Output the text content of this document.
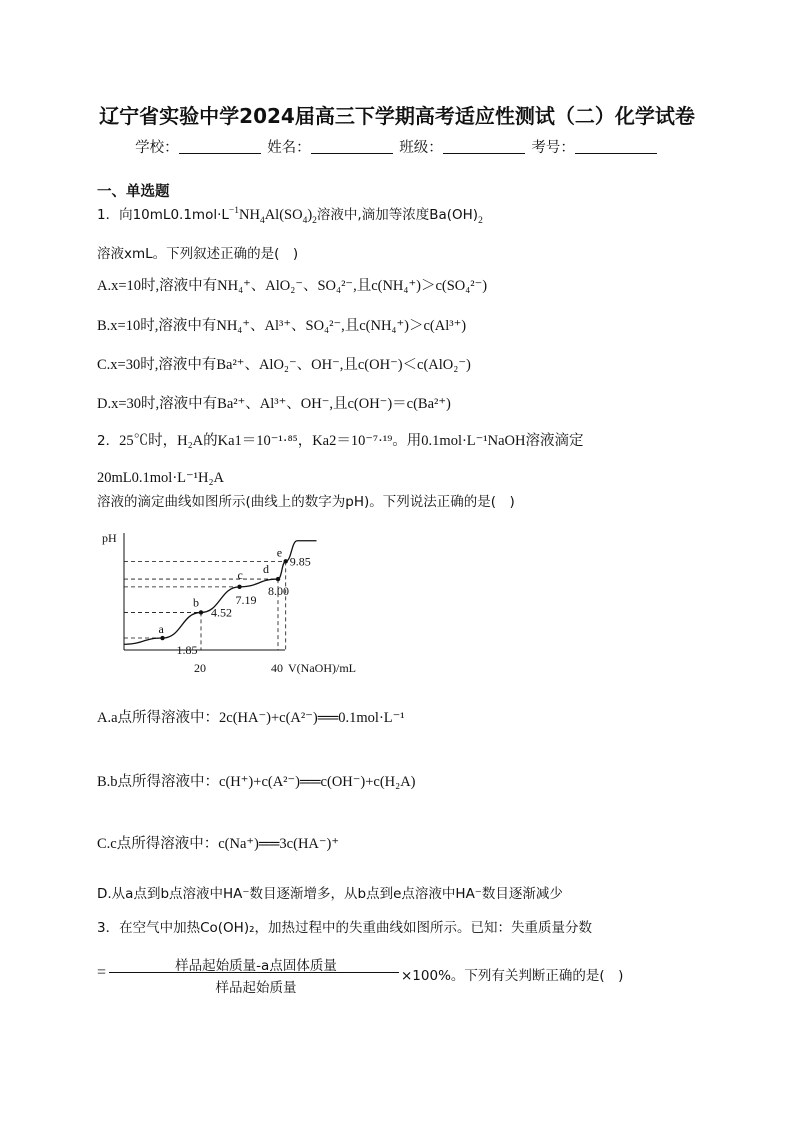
辽宁省实验中学2024届高三下学期高考适应性测试（二）化学试卷
学校：	姓名：	班级：	考号：
一、单选题
1．向$10mL0.1mol\cdot L^{-1}NH_4Al(SO_4)_2$溶液中,滴加等浓度$Ba(OH)_2$
溶液xmL。下列叙述正确的是(　)
A.x=10时,溶液中有NH₄⁺、AlO₂⁻、SO₄²⁻,且c(NH₄⁺)＞c(SO₄²⁻)
B.x=10时,溶液中有NH₄⁺、Al³⁺、SO₄²⁻,且c(NH₄⁺)＞c(Al³⁺)
C.x=30时,溶液中有Ba²⁺、AlO₂⁻、OH⁻,且c(OH⁻)＜c(AlO₂⁻)
D.x=30时,溶液中有Ba²⁺、Al³⁺、OH⁻,且c(OH⁻)＝c(Ba²⁺)
2．25℃时，H₂A的Ka1＝10⁻¹·⁸⁵，Ka2＝10⁻⁷·¹⁹。用0.1mol·L⁻¹NaOH溶液滴定
20mL0.1mol·L⁻¹H₂A
溶液的滴定曲线如图所示(曲线上的数字为pH)。下列说法正确的是(　)
pH
V(NaOH)/mL
a
1.85
b
4.52
c
7.19
d
8.00
e
9.85
20	40
A.a点所得溶液中：2c(HA⁻)+c(A²⁻)══0.1mol·L⁻¹
B.b点所得溶液中：c(H⁺)+c(A²⁻)══c(OH⁻)+c(H₂A)
C.c点所得溶液中：c(Na⁺)══3c(HA⁻)⁺
D.从a点到b点溶液中HA⁻数目逐渐增多，从b点到e点溶液中HA⁻数目逐渐减少
3．在空气中加热Co(OH)₂，加热过程中的失重曲线如图所示。已知：失重质量分数
=	样品起始质量-a点固体质量
样品起始质量
×100%。下列有关判断正确的是(　)
